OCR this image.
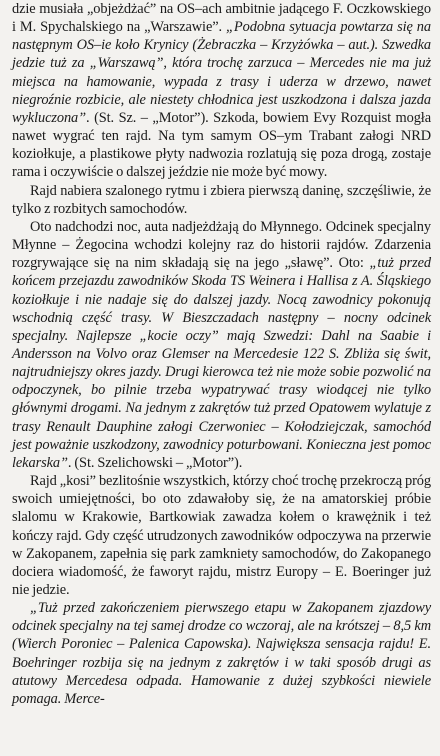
dzie musiała „objeżdżać” na OS–ach ambitnie jadącego F. Oczkowskiego i M. Spychalskiego na „Warszawie”. „Podobna sytuacja powtarza się na następnym OS–ie koło Krynicy (Żebraczka – Krzyżówka – aut.). Szwedka jedzie tuż za „Warszawą”, która trochę zarzuca – Mercedes nie ma już miejsca na hamowanie, wypada z trasy i uderza w drzewo, nawet niegroźnie rozbicie, ale niestety chłodnica jest uszkodzona i dalsza jazda wykluczona”. (St. Sz. – „Motor”). Szkoda, bowiem Evy Rozquist mogła nawet wygrać ten rajd. Na tym samym OS–ym Trabant załogi NRD koziołkuje, a plastikowe płyty nadwozia rozlatują się poza drogą, zostaje rama i oczywiście o dalszej jeździe nie może być mowy.

Rajd nabiera szalonego rytmu i zbiera pierwszą daninę, szczęśliwie, że tylko z rozbitych samochodów.

Oto nadchodzi noc, auta nadjeżdżają do Młynnego. Odcinek specjalny Młynne – Żegocina wchodzi kolejny raz do historii rajdów. Zdarzenia rozgrywające się na nim składają się na jego „sławę”. Oto: „tuż przed końcem przejazdu zawodników Skoda TS Weinera i Hallisa z A. Śląskiego koziołkuje i nie nadaje się do dalszej jazdy. Nocą zawodnicy pokonują wschodnią część trasy. W Bieszczadach następny – nocny odcinek specjalny. Najlepsze „kocie oczy” mają Szwedzi: Dahl na Saabie i Andersson na Volvo oraz Glemser na Mercedesie 122 S. Zbliża się świt, najtrudniejszy okres jazdy. Drugi kierowca też nie może sobie pozwolić na odpoczynek, bo pilnie trzeba wypatrywać trasy wiodącej nie tylko głównymi drogami. Na jednym z zakrętów tuż przed Opatowem wylatuje z trasy Renault Dauphine załogi Czerwoniec – Kołodziejczak, samochód jest poważnie uszkodzony, zawodnicy poturbowani. Konieczna jest pomoc lekarska”. (St. Szelichowski – „Motor”).

Rajd „kosi” bezlitośnie wszystkich, którzy choć trochę przekroczą próg swoich umiejętności, bo oto zdawałoby się, że na amatorskiej próbie slalomu w Krakowie, Bartkowiak zawadza kołem o krawężnik i też kończy rajd. Gdy część utrudzonych zawodników odpoczywa na przerwie w Zakopanem, zapełnia się park zamkniety samochodów, do Zakopanego dociera wiadomość, że faworyt rajdu, mistrz Europy – E. Boeringer już nie jedzie.

„Tuż przed zakończeniem pierwszego etapu w Zakopanem zjazdowy odcinek specjalny na tej samej drodze co wczoraj, ale na krótszej – 8,5 km (Wierch Poroniec – Palenica Capowska). Największa sensacja rajdu! E. Boehringer rozbija się na jednym z zakrętów i w taki sposób drugi as atutowy Mercedesa odpada. Hamowanie z dużej szybkości niewiele pomaga. Merce-
